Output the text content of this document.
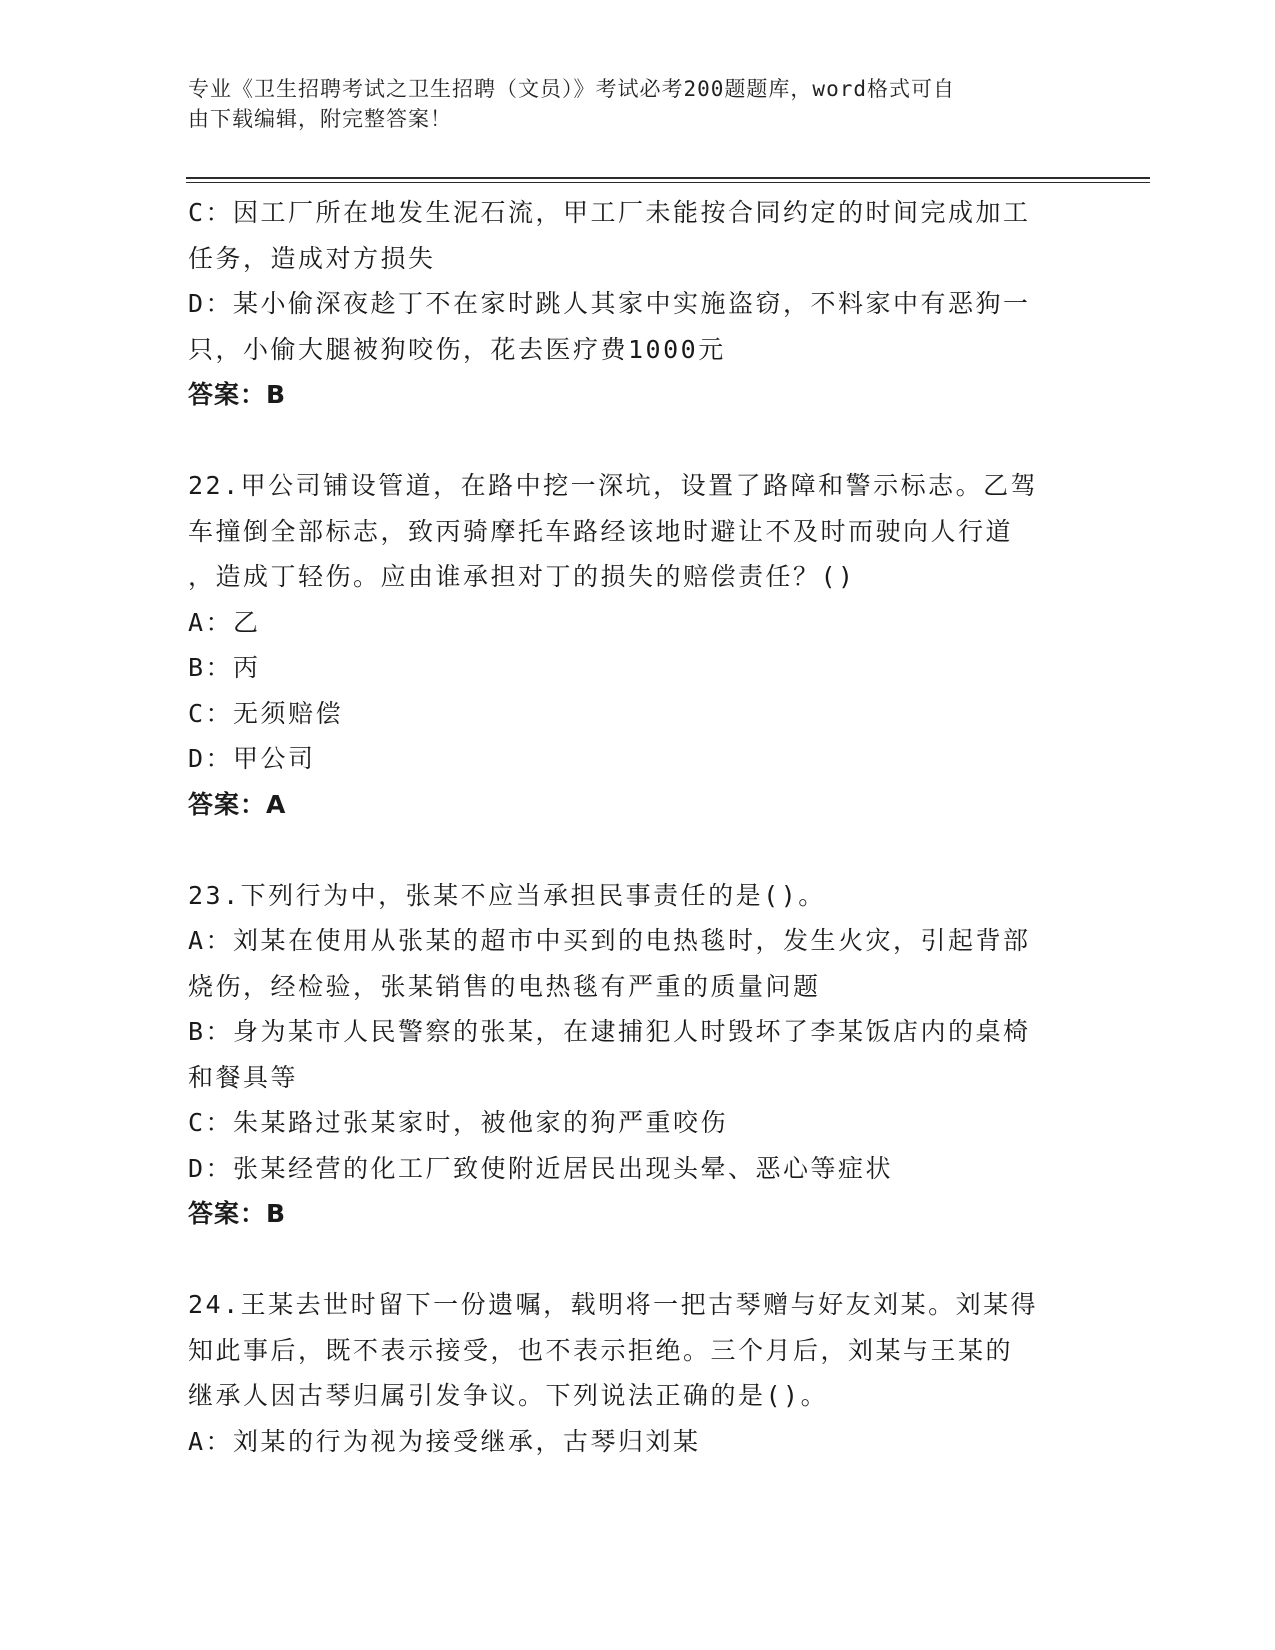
专业《卫生招聘考试之卫生招聘（文员）》考试必考200题题库，word格式可自
由下载编辑，附完整答案！

C：因工厂所在地发生泥石流，甲工厂未能按合同约定的时间完成加工

任务，造成对方损失

D：某小偷深夜趁丁不在家时跳人其家中实施盗窃，不料家中有恶狗一

只，小偷大腿被狗咬伤，花去医疗费1000元

答案：B

22.甲公司铺设管道，在路中挖一深坑，设置了路障和警示标志。乙驾

车撞倒全部标志，致丙骑摩托车路经该地时避让不及时而驶向人行道

，造成丁轻伤。应由谁承担对丁的损失的赔偿责任？()

A：乙

B：丙

C：无须赔偿

D：甲公司

答案：A

23.下列行为中，张某不应当承担民事责任的是()。

A：刘某在使用从张某的超市中买到的电热毯时，发生火灾，引起背部

烧伤，经检验，张某销售的电热毯有严重的质量问题

B：身为某市人民警察的张某，在逮捕犯人时毁坏了李某饭店内的桌椅

和餐具等

C：朱某路过张某家时，被他家的狗严重咬伤

D：张某经营的化工厂致使附近居民出现头晕、恶心等症状

答案：B

24.王某去世时留下一份遗嘱，载明将一把古琴赠与好友刘某。刘某得

知此事后，既不表示接受，也不表示拒绝。三个月后，刘某与王某的

继承人因古琴归属引发争议。下列说法正确的是()。

A：刘某的行为视为接受继承，古琴归刘某
